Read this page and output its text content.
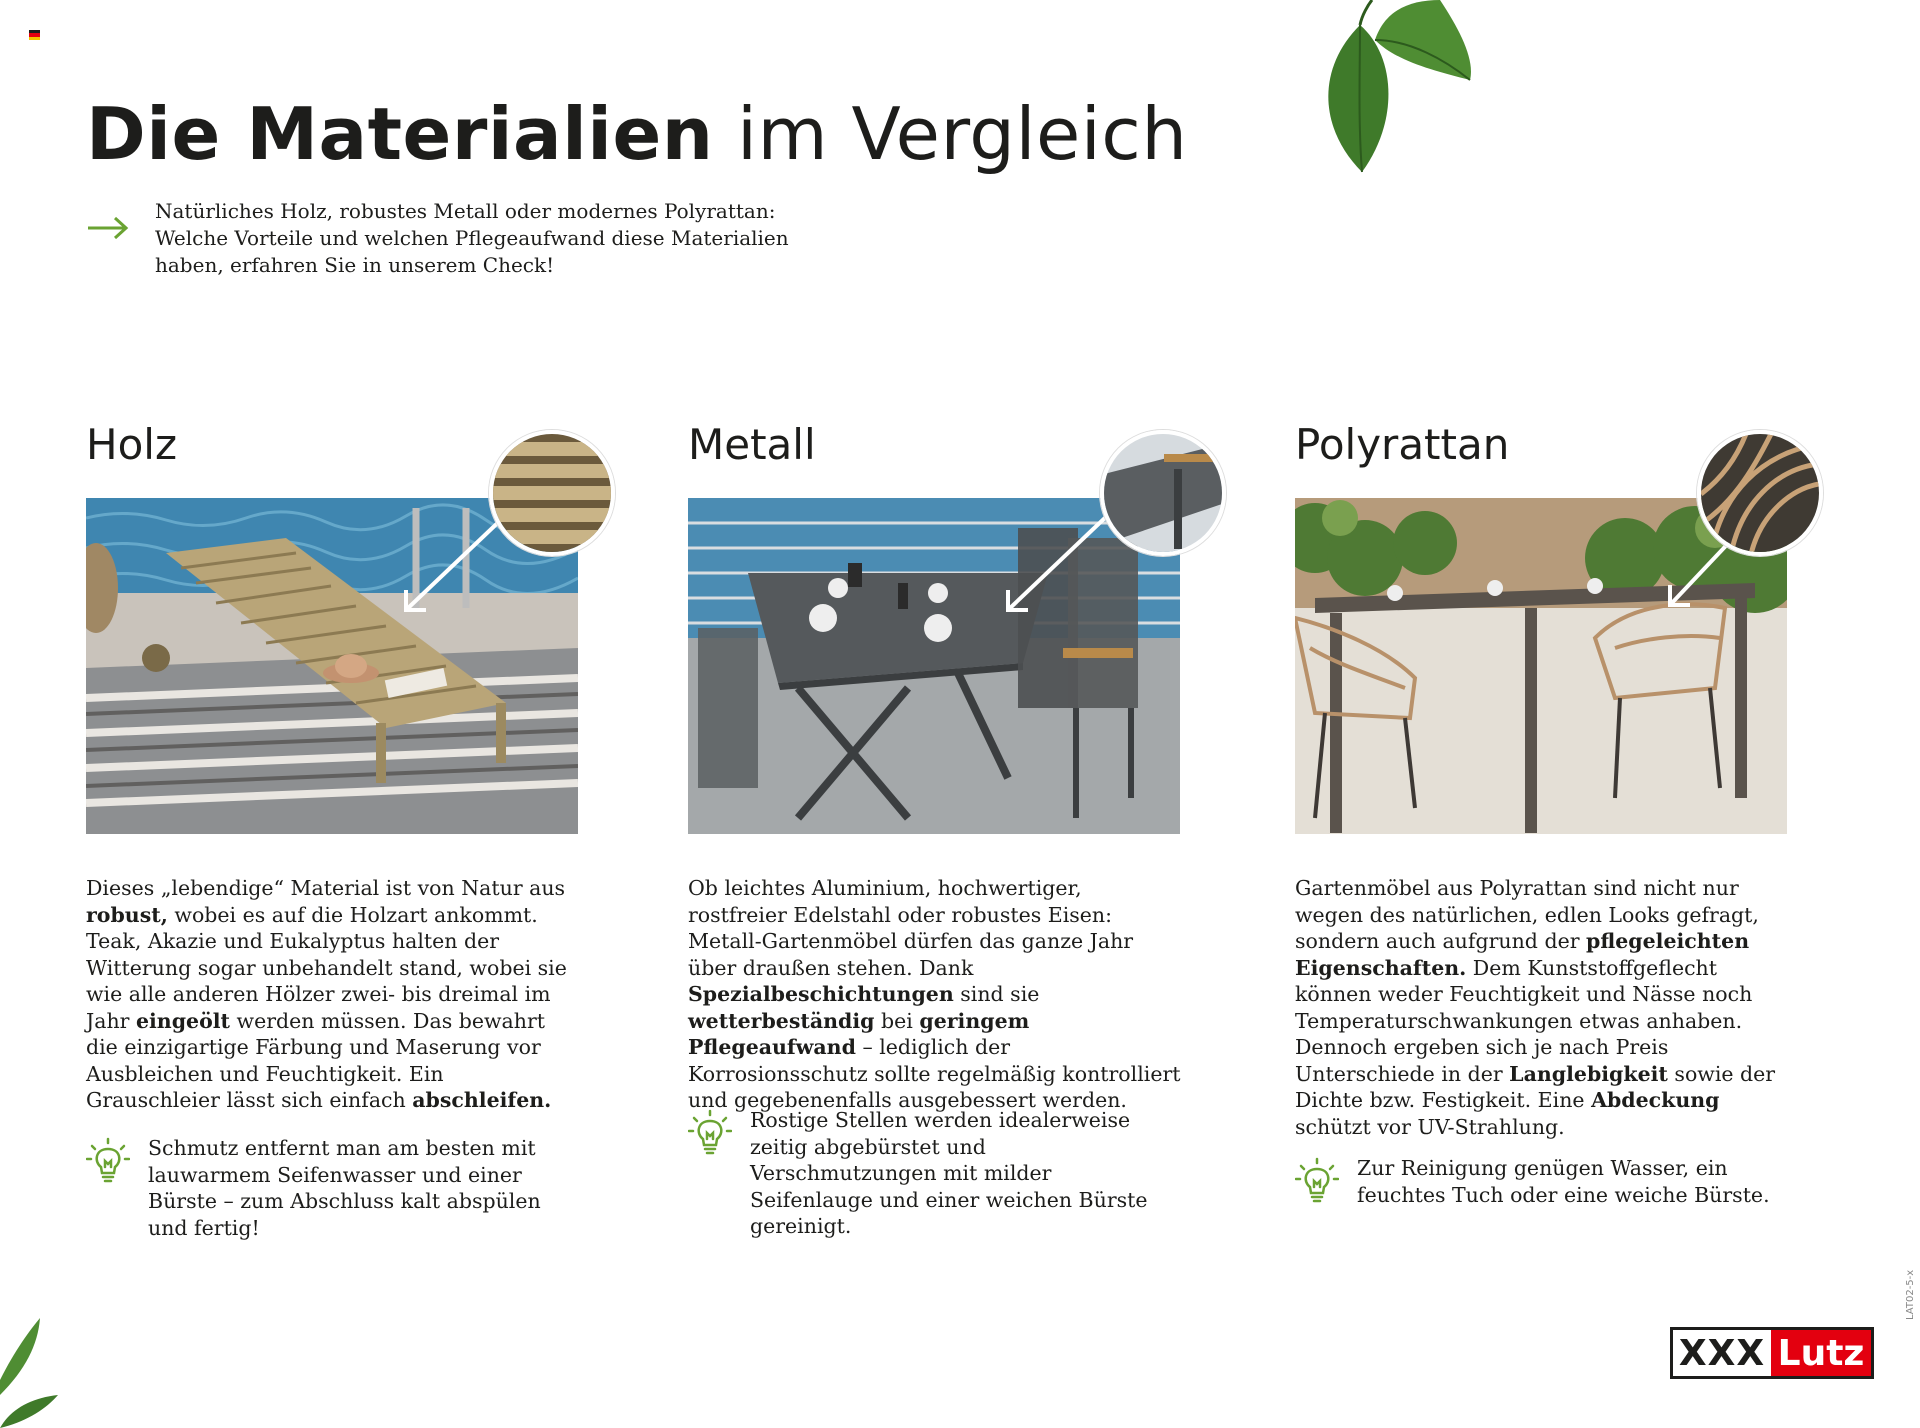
Die Materialien im Vergleich
Natürliches Holz, robustes Metall oder modernes Polyrattan: Welche Vorteile und welchen Pflegeaufwand diese Materialien haben, erfahren Sie in unserem Check!
Holz
Dieses „lebendige“ Material ist von Natur aus robust, wobei es auf die Holzart ankommt. Teak, Akazie und Eukalyptus halten der Witterung sogar unbehandelt stand, wobei sie wie alle anderen Hölzer zwei- bis dreimal im Jahr eingeölt werden müssen. Das bewahrt die einzigartige Färbung und Maserung vor Ausbleichen und Feuchtigkeit. Ein Grauschleier lässt sich einfach abschleifen.
Schmutz entfernt man am besten mit lauwarmem Seifenwasser und einer Bürste – zum Abschluss kalt abspülen und fertig!
Metall
Ob leichtes Aluminium, hochwertiger, rostfreier Edelstahl oder robustes Eisen: Metall-Gartenmöbel dürfen das ganze Jahr über draußen stehen. Dank Spezialbeschichtungen sind sie wetterbeständig bei geringem Pflegeaufwand – lediglich der Korrosionsschutz sollte regelmäßig kontrolliert und gegebenenfalls ausgebessert werden.
Rostige Stellen werden idealerweise zeitig abgebürstet und Verschmutzungen mit milder Seifenlauge und einer weichen Bürste gereinigt.
Polyrattan
Gartenmöbel aus Polyrattan sind nicht nur wegen des natürlichen, edlen Looks gefragt, sondern auch aufgrund der pflegeleichten Eigenschaften. Dem Kunststoffgeflecht können weder Feuchtigkeit und Nässe noch Temperaturschwankungen etwas anhaben. Dennoch ergeben sich je nach Preis Unterschiede in der Langlebigkeit sowie der Dichte bzw. Festigkeit. Eine Abdeckung schützt vor UV-Strahlung.
Zur Reinigung genügen Wasser, ein feuchtes Tuch oder eine weiche Bürste.
XXX Lutz
LAT02-5-x
